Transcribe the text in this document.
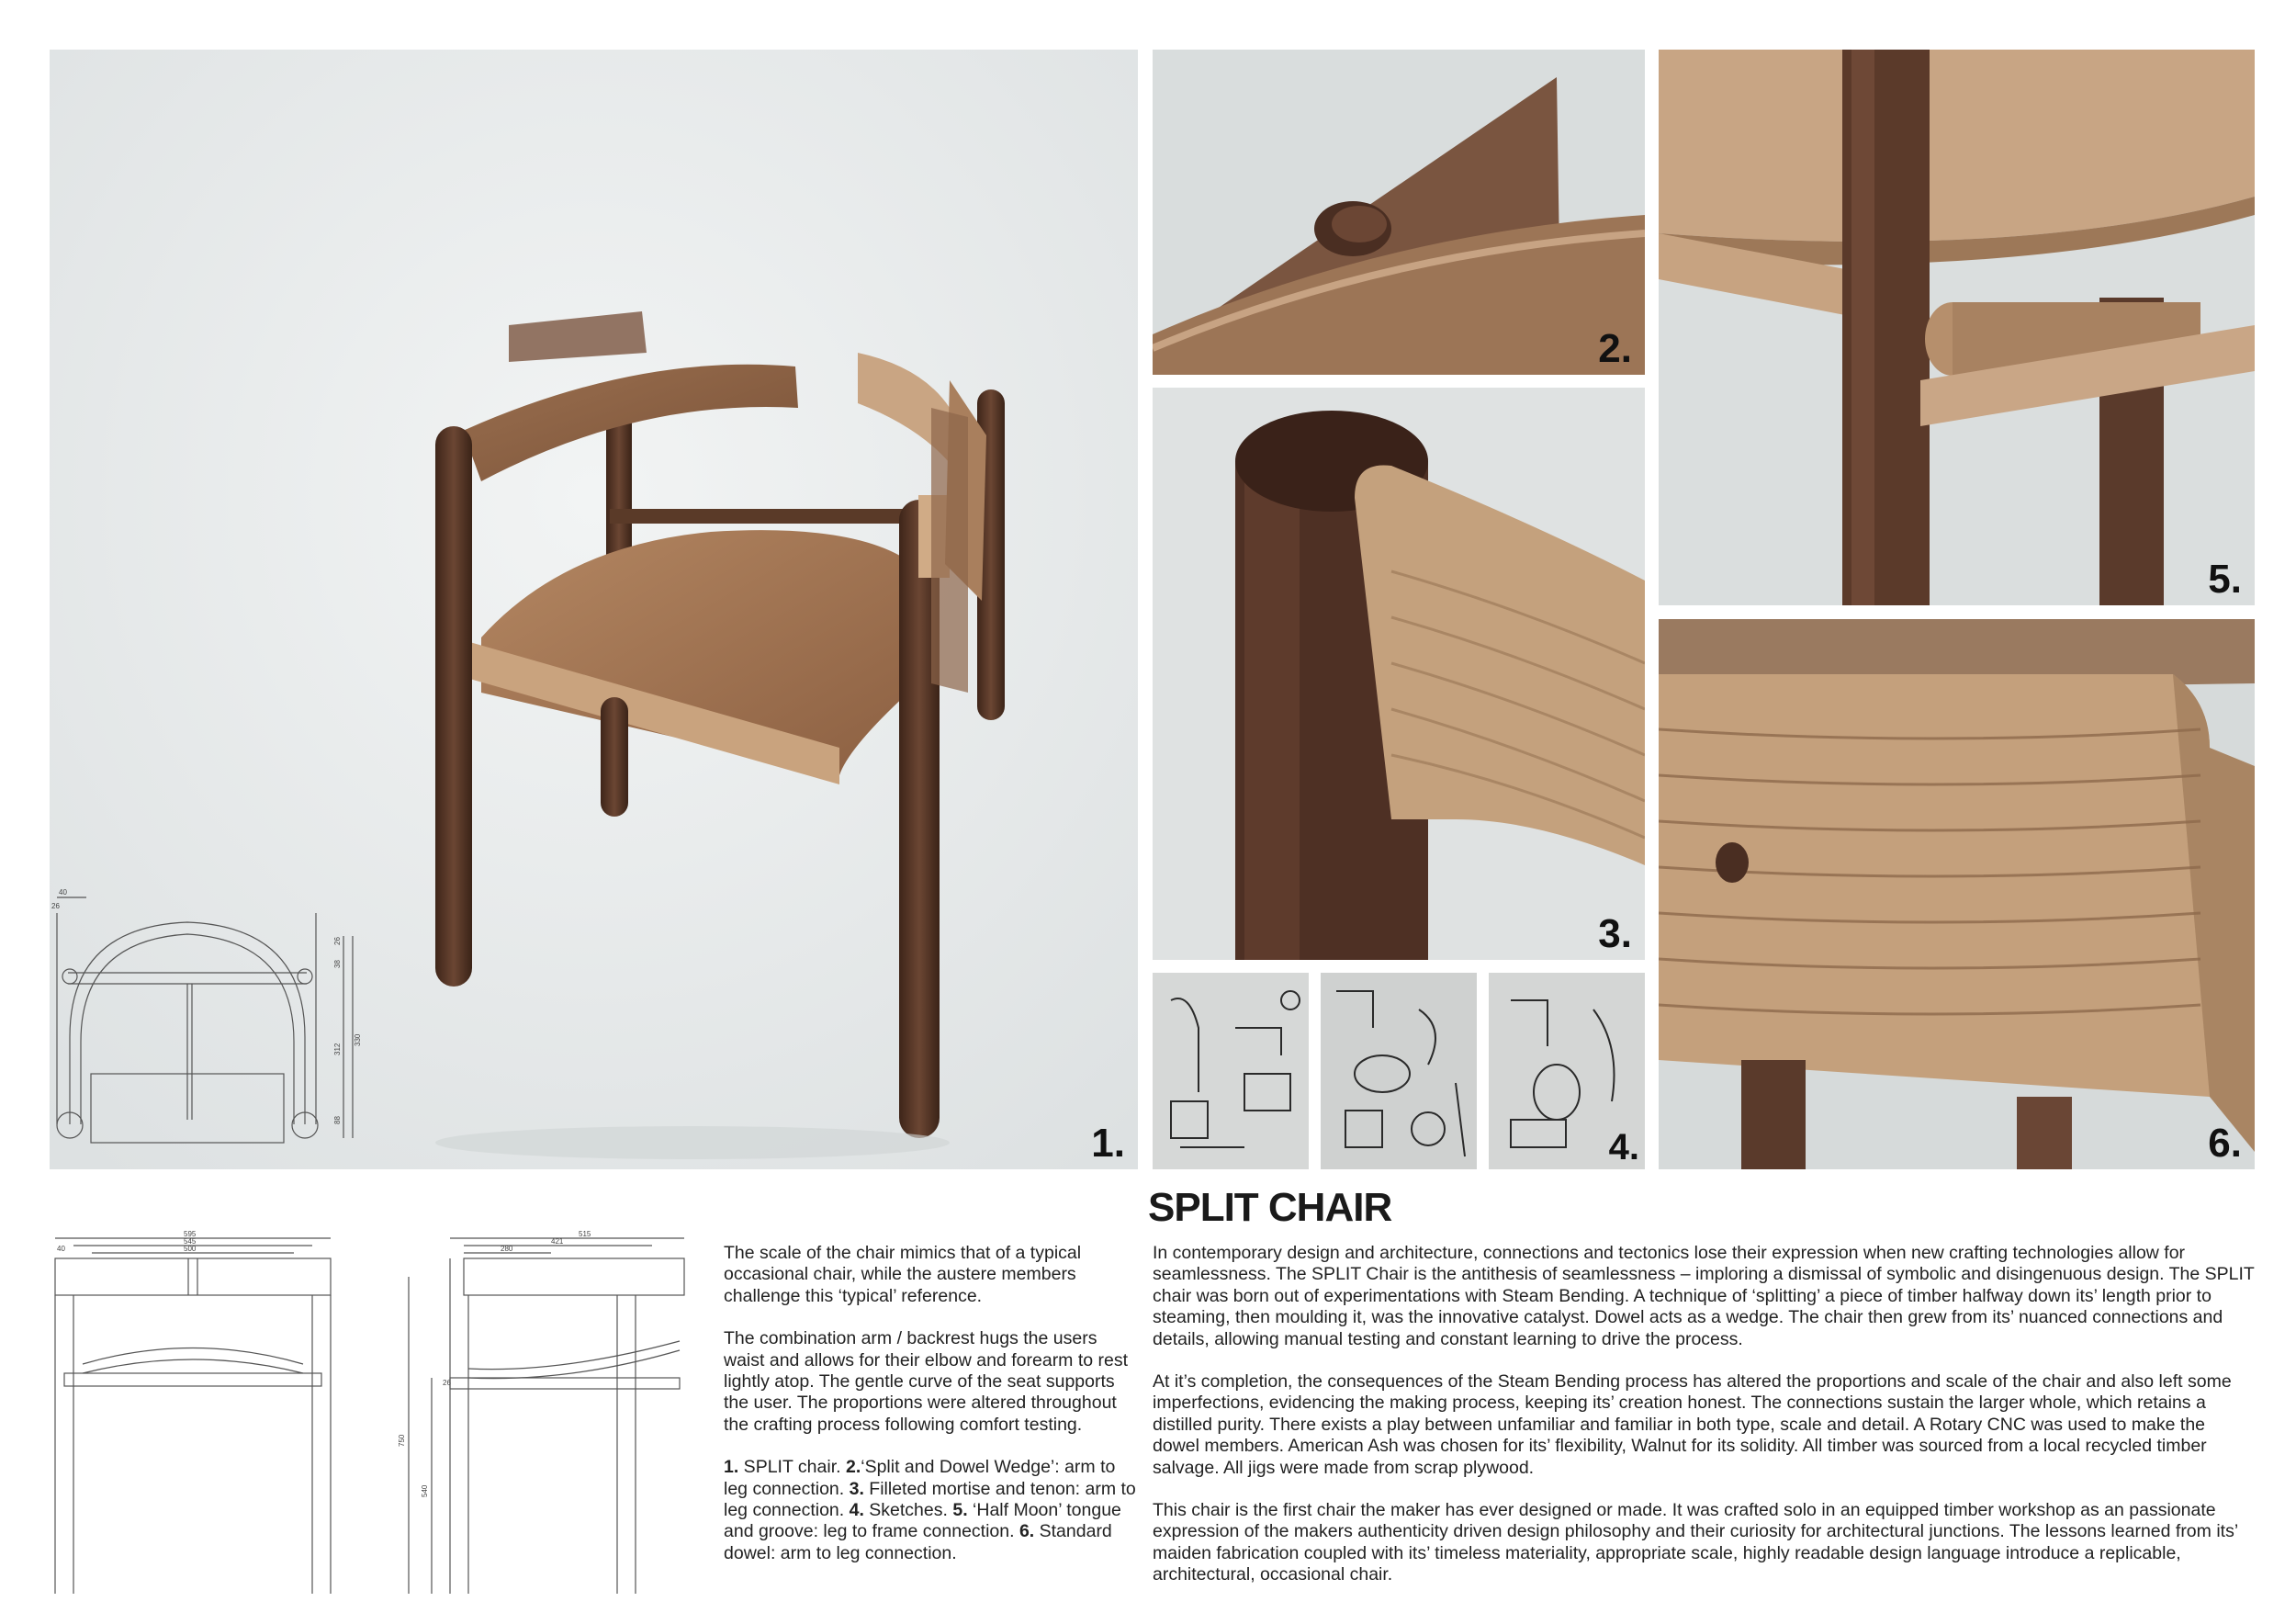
1.
40
26
38
26
312
330
88
2.
3.
4.
5.
6.
SPLIT CHAIR
40
595
545
500
515
421
280
26
750
540

The scale of the chair mimics that of a typical occasional chair, while the austere members challenge this ‘typical’ reference.

The combination arm / backrest hugs the users waist and allows for their elbow and forearm to rest lightly atop. The gentle curve of the seat supports the user. The proportions were altered throughout the crafting process following comfort testing.

1. SPLIT chair. 2.‘Split and Dowel Wedge’: arm to leg connection. 3. Filleted mortise and tenon: arm to leg connection. 4. Sketches. 5. ‘Half Moon’ tongue and groove: leg to frame connection. 6. Standard dowel: arm to leg connection.

In contemporary design and architecture, connections and tectonics lose their expression when new crafting technologies allow for seamlessness. The SPLIT Chair is the antithesis of seamlessness – imploring a dismissal of symbolic and disingenuous design. The SPLIT chair was born out of experimentations with Steam Bending. A technique of ‘splitting’ a piece of timber halfway down its’ length prior to steaming, then moulding it, was the innovative catalyst. Dowel acts as a wedge. The chair then grew from its’ nuanced connections and details, allowing manual testing and constant learning to drive the process.

At it’s completion, the consequences of the Steam Bending process has altered the proportions and scale of the chair and also left some imperfections, evidencing the making process, keeping its’ creation honest. The connections sustain the larger whole, which retains a distilled purity. There exists a play between unfamiliar and familiar in both type, scale and detail. A Rotary CNC was used to make the dowel members. American Ash was chosen for its’ flexibility, Walnut for its solidity. All timber was sourced from a local recycled timber salvage. All jigs were made from scrap plywood.

This chair is the first chair the maker has ever designed or made. It was crafted solo in an equipped timber workshop as an passionate expression of the makers authenticity driven design philosophy and their curiosity for architectural junctions. The lessons learned from its’ maiden fabrication coupled with its’ timeless materiality, appropriate scale, highly readable design language introduce a replicable, architectural, occasional chair.
